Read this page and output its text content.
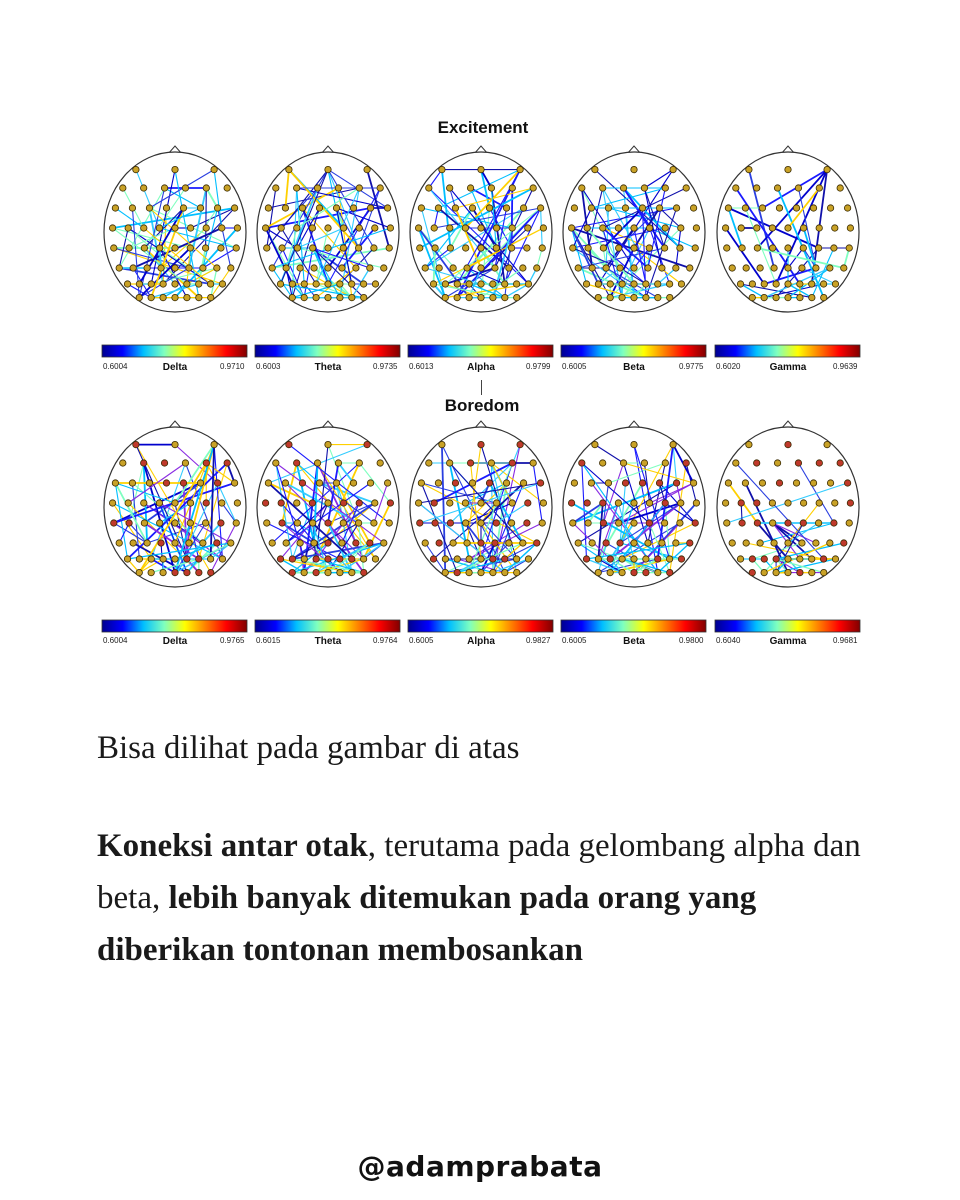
Excitement
Boredom
0.6004	0.9710
Delta	0.6003	0.9735
Theta	0.6013	0.9799
Alpha	0.6005	0.9775
Beta	0.6020	0.9639
Gamma
0.6004	0.9765
Delta	0.6015	0.9764
Theta	0.6005	0.9827
Alpha	0.6005	0.9800
Beta	0.6040	0.9681
Gamma
Bisa dilihat pada gambar di atas
Koneksi antar otak, terutama pada gelombang alpha dan beta, lebih banyak ditemukan pada orang yang diberikan tontonan membosankan
@adamprabata
